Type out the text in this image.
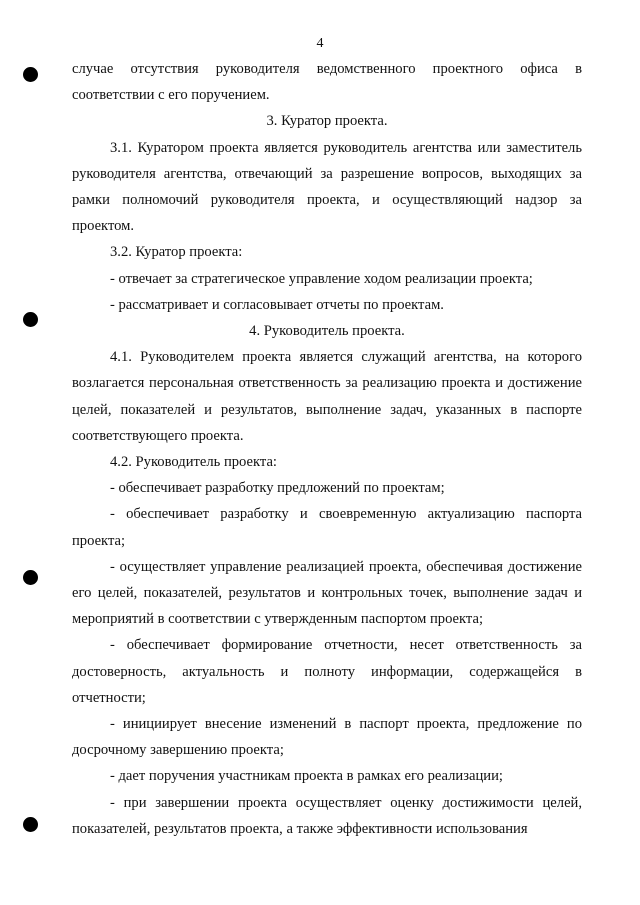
4

случае отсутствия руководителя ведомственного проектного офиса в соответствии с его поручением.

3. Куратор проекта.

3.1. Куратором проекта является руководитель агентства или заместитель руководителя агентства, отвечающий за разрешение вопросов, выходящих за рамки полномочий руководителя проекта, и осуществляющий надзор за проектом.

3.2. Куратор проекта:

- отвечает за стратегическое управление ходом реализации проекта;

- рассматривает и согласовывает отчеты по проектам.

4. Руководитель проекта.

4.1. Руководителем проекта является служащий агентства, на которого возлагается персональная ответственность за реализацию проекта и достижение целей, показателей и результатов, выполнение задач, указанных в паспорте соответствующего проекта.

4.2. Руководитель проекта:

- обеспечивает разработку предложений по проектам;

- обеспечивает разработку и своевременную актуализацию паспорта проекта;

- осуществляет управление реализацией проекта, обеспечивая достижение его целей, показателей, результатов и контрольных точек, выполнение задач и мероприятий в соответствии с утвержденным паспортом проекта;

- обеспечивает формирование отчетности, несет ответственность за достоверность, актуальность и полноту информации, содержащейся в отчетности;

- инициирует внесение изменений в паспорт проекта, предложение по досрочному завершению проекта;

- дает поручения участникам проекта в рамках его реализации;

- при завершении проекта осуществляет оценку достижимости целей, показателей, результатов проекта, а также эффективности использования
